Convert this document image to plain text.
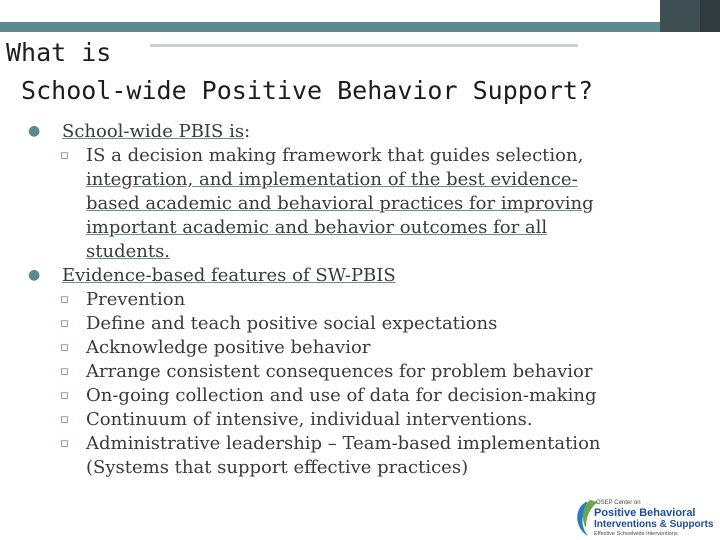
What is
School-wide Positive Behavior Support?

● School-wide PBIS is:

▫ IS a decision making framework that guides selection,
integration, and implementation of the best evidence-
based academic and behavioral practices for improving
important academic and behavior outcomes for all
students.

● Evidence-based features of SW-PBIS

▫ Prevention

▫ Define and teach positive social expectations

▫ Acknowledge positive behavior

▫ Arrange consistent consequences for problem behavior

▫ On-going collection and use of data for decision-making

▫ Continuum of intensive, individual interventions.

▫ Administrative leadership – Team-based implementation
(Systems that support effective practices)

OSEP Center on
Positive Behavioral
Interventions & Supports
Effective Schoolwide Interventions
